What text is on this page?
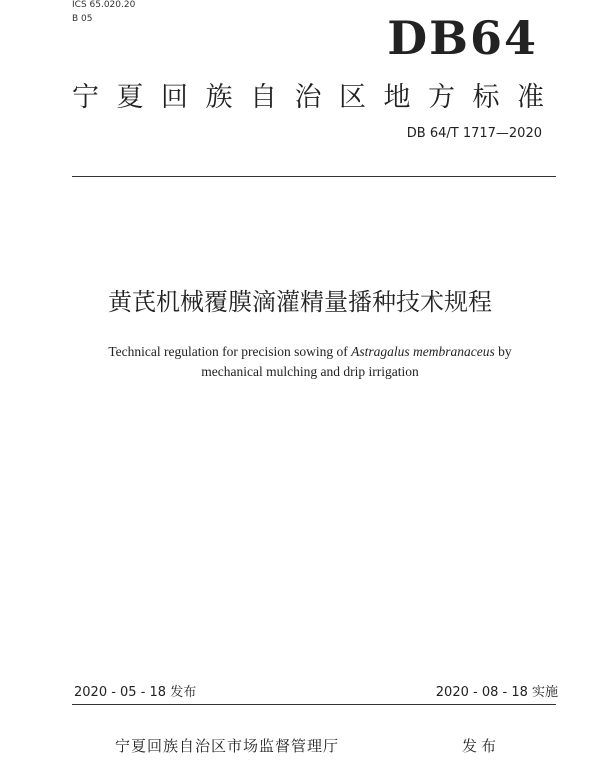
ICS 65.020.20
B 05	DB64
宁 夏 回 族 自 治 区 地 方 标 准
DB 64/T 1717—2020
黄芪机械覆膜滴灌精量播种技术规程
Technical regulation for precision sowing of Astragalus membranaceus by
mechanical mulching and drip irrigation
2020 - 05 - 18 发布	2020 - 08 - 18 实施
宁夏回族自治区市场监督管理厅	发布
